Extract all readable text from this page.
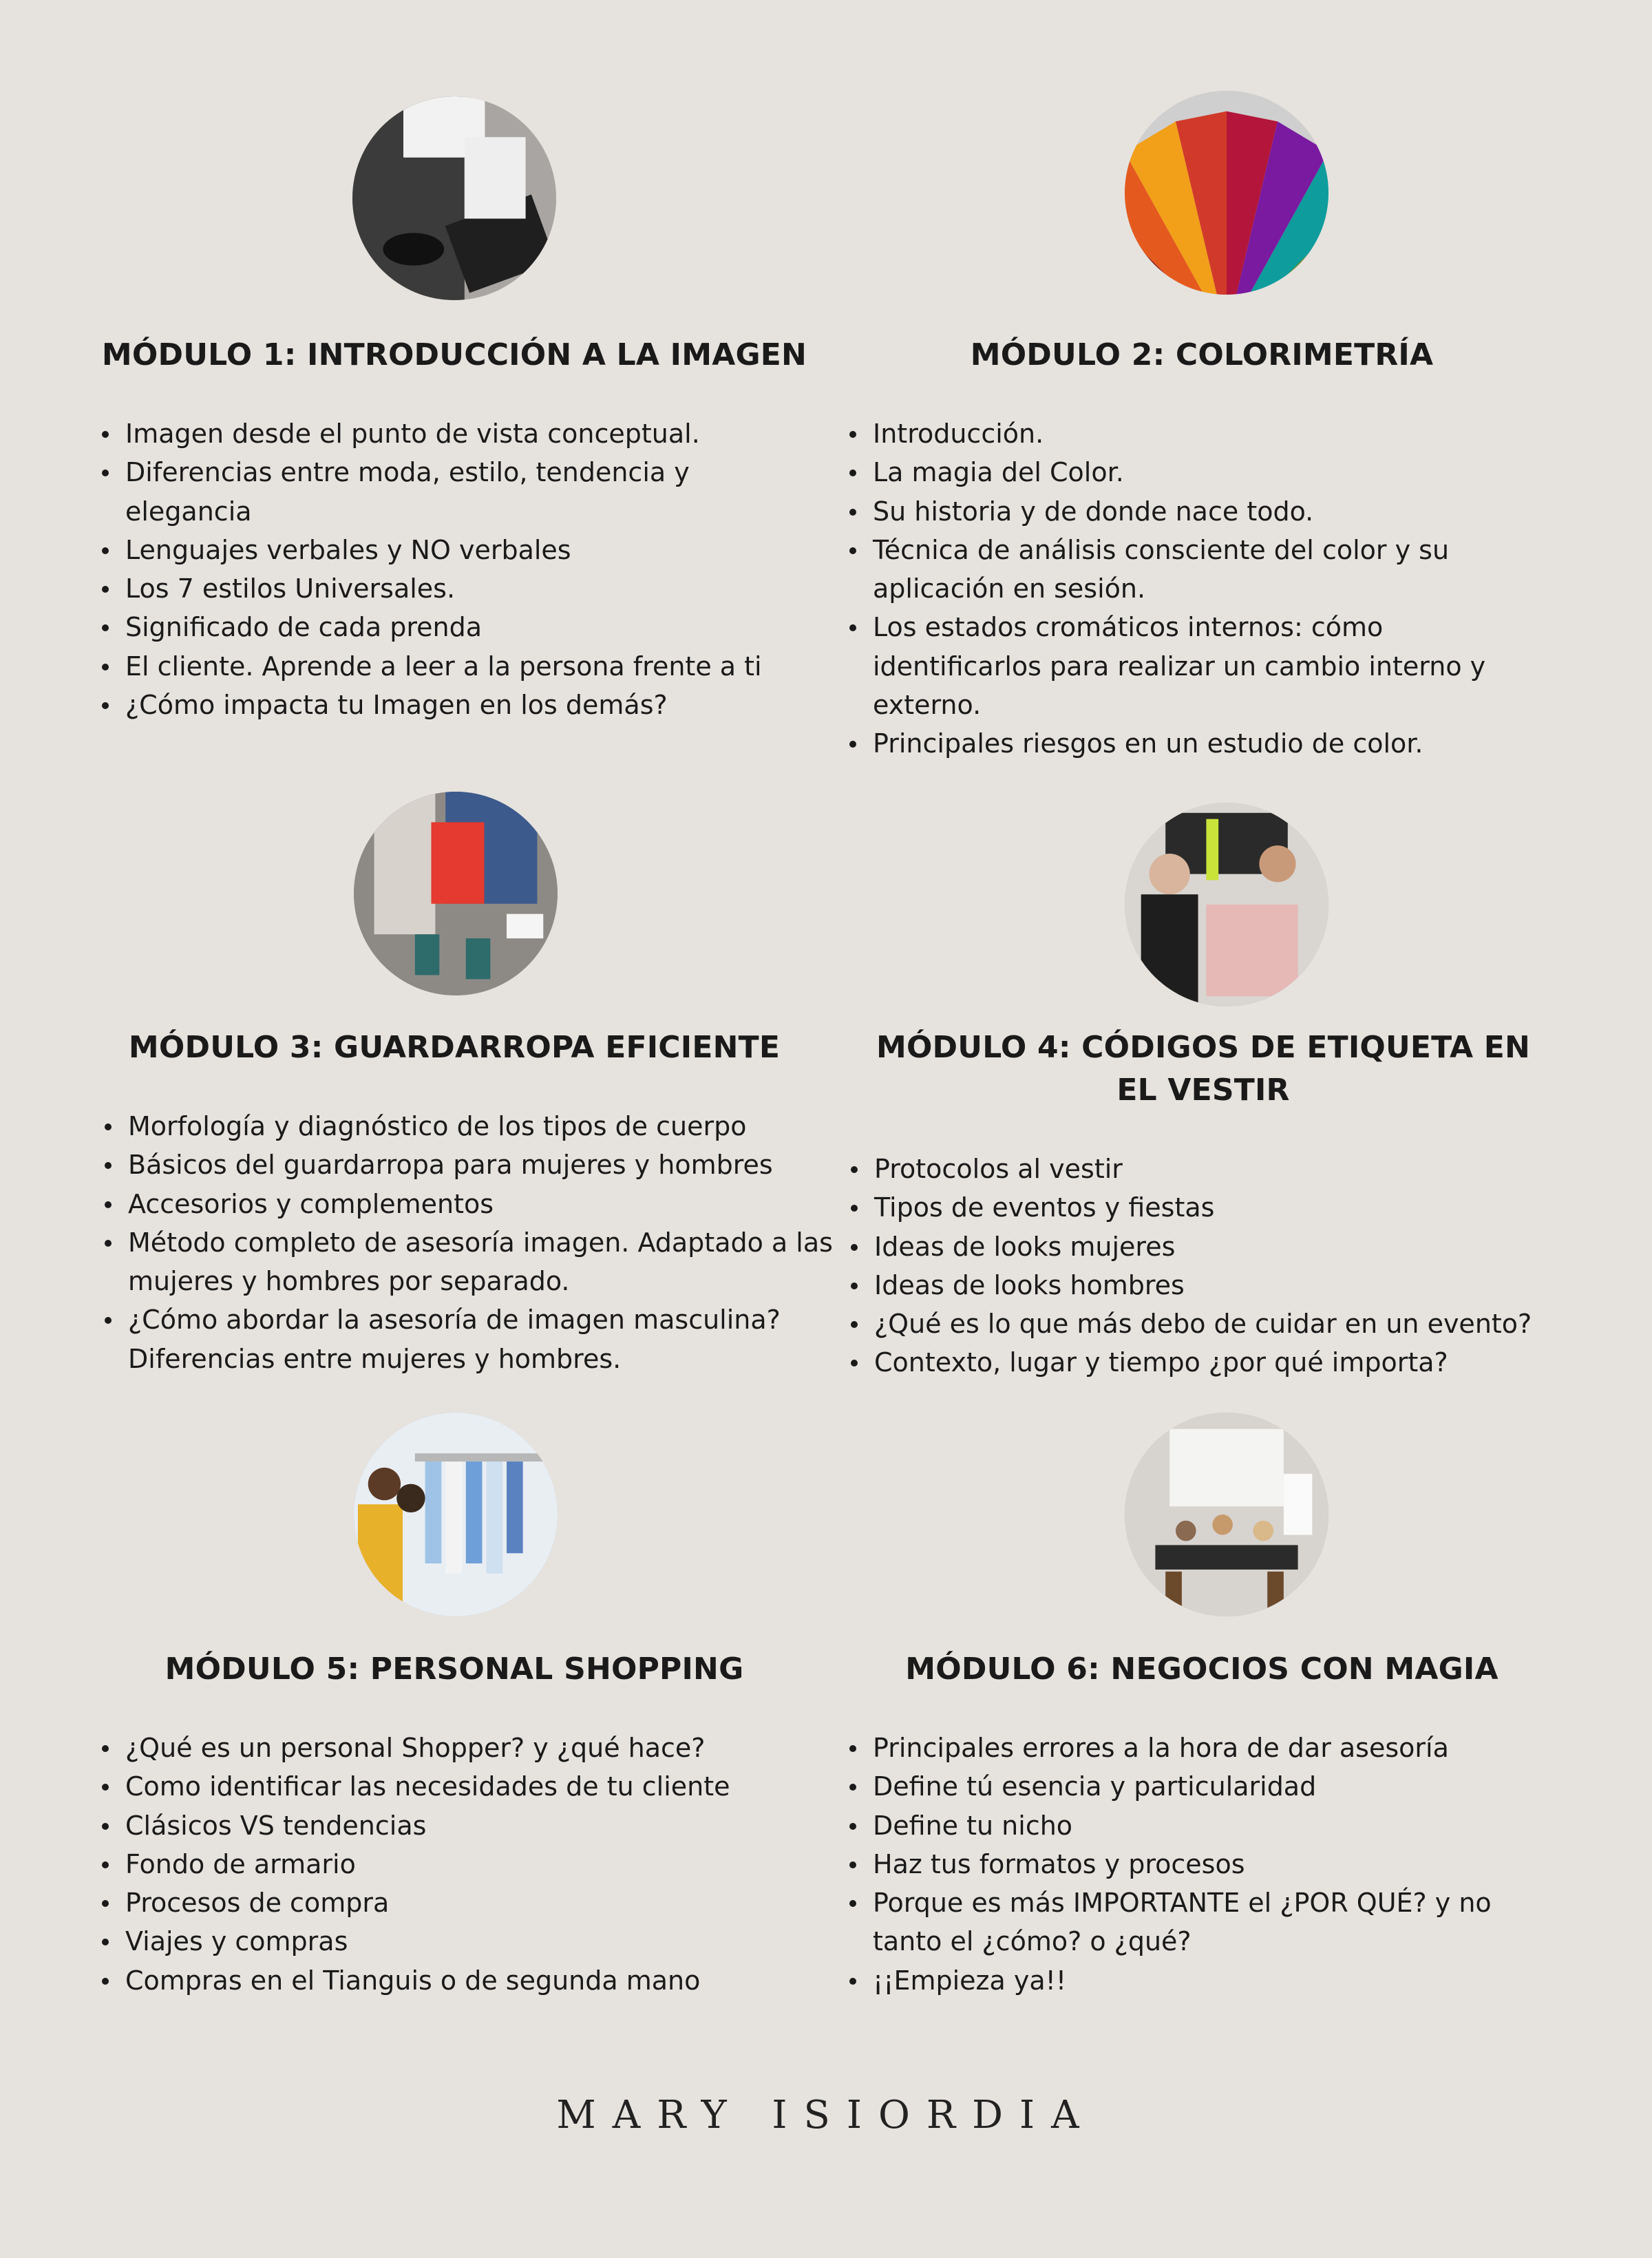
MÓDULO 1: INTRODUCCIÓN A LA IMAGEN
Imagen desde el punto de vista conceptual.
Diferencias entre moda, estilo, tendencia y elegancia
Lenguajes verbales y NO verbales
Los 7 estilos Universales.
Significado de cada prenda
El cliente. Aprende a leer a la persona frente a ti
¿Cómo impacta tu Imagen en los demás?
MÓDULO 2: COLORIMETRÍA
Introducción.
La magia del Color.
Su historia y de donde nace todo.
Técnica de análisis consciente del color y su aplicación en sesión.
Los estados cromáticos internos: cómo identificarlos para realizar un cambio interno y externo.
Principales riesgos en un estudio de color.
MÓDULO 3: GUARDARROPA EFICIENTE
Morfología y diagnóstico de los tipos de cuerpo
Básicos del guardarropa para mujeres y hombres
Accesorios y complementos
Método completo de asesoría imagen. Adaptado a las mujeres y hombres por separado.
¿Cómo abordar la asesoría de imagen masculina? Diferencias entre mujeres y hombres.
MÓDULO 4: CÓDIGOS DE ETIQUETA EN EL VESTIR
Protocolos al vestir
Tipos de eventos y fiestas
Ideas de looks mujeres
Ideas de looks hombres
¿Qué es lo que más debo de cuidar en un evento?
Contexto, lugar y tiempo ¿por qué importa?
MÓDULO 5: PERSONAL SHOPPING
¿Qué es un personal Shopper? y ¿qué hace?
Como identificar las necesidades de tu cliente
Clásicos VS tendencias
Fondo de armario
Procesos de compra
Viajes y compras
Compras en el Tianguis o de segunda mano
MÓDULO 6: NEGOCIOS CON MAGIA
Principales errores a la hora de dar asesoría
Define tú esencia y particularidad
Define tu nicho
Haz tus formatos y procesos
Porque es más IMPORTANTE el ¿POR QUÉ? y no tanto el ¿cómo? o ¿qué?
¡¡Empieza ya!!
MARY ISIORDIA
